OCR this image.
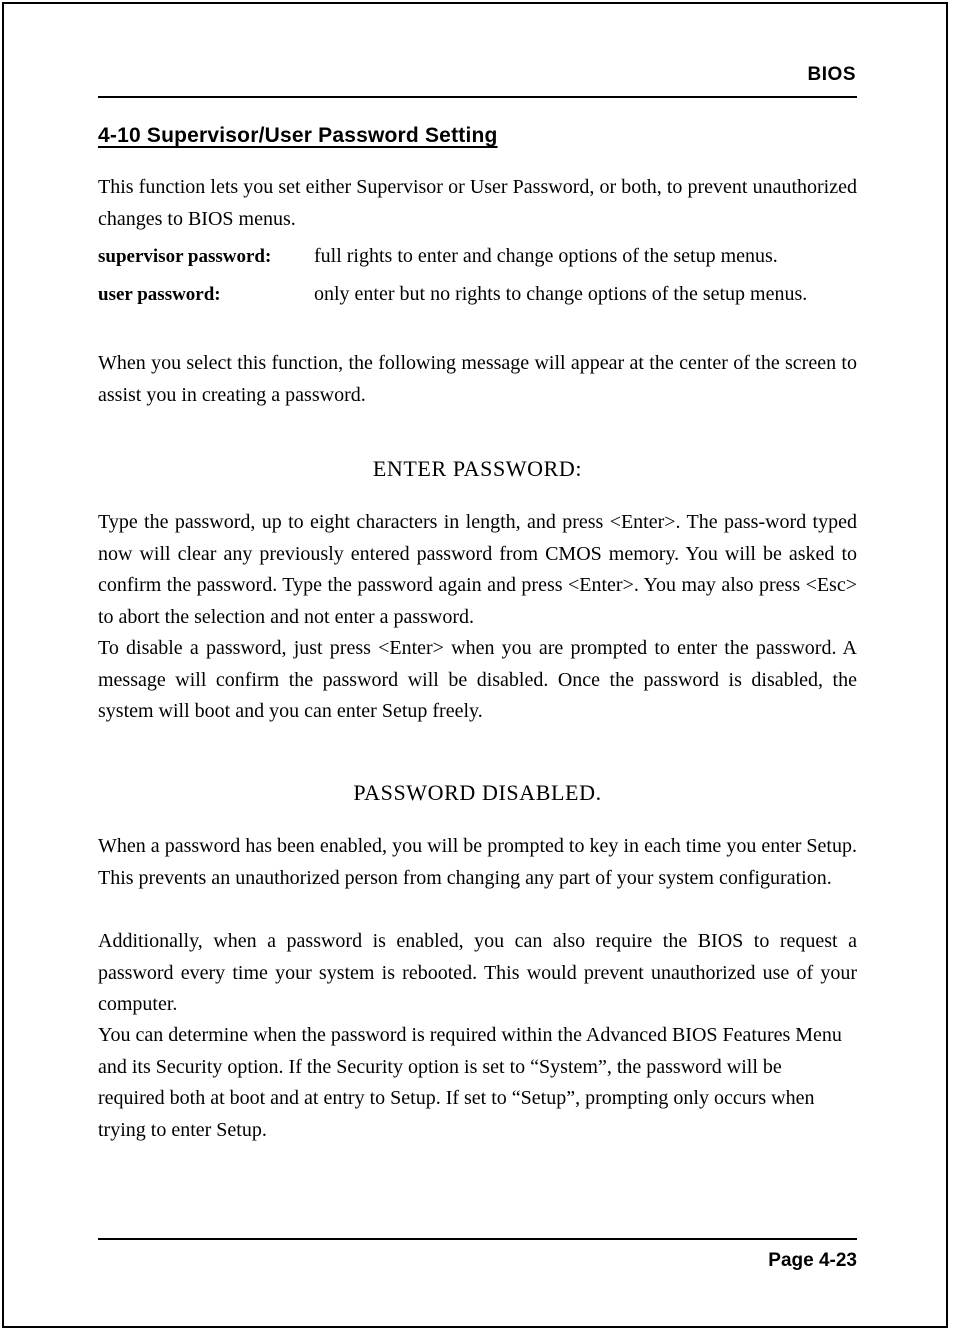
BIOS
4-10 Supervisor/User Password Setting
This function lets you set either Supervisor or User Password, or both, to prevent unauthorized changes to BIOS menus.
supervisor password: full rights to enter and change options of the setup menus.
user password:	only enter but no rights to change options of the setup menus.
When you select this function, the following message will appear at the center of the screen to assist you in creating a password.
ENTER PASSWORD:
Type the password, up to eight characters in length, and press <Enter>. The pass-word typed now will clear any previously entered password from CMOS memory. You will be asked to confirm the password. Type the password again and press <Enter>. You may also press <Esc> to abort the selection and not enter a password.
To disable a password, just press <Enter> when you are prompted to enter the password. A message will confirm the password will be disabled. Once the password is disabled, the system will boot and you can enter Setup freely.
PASSWORD DISABLED.
When a password has been enabled, you will be prompted to key in each time you enter Setup. This prevents an unauthorized person from changing any part of your system configuration.
Additionally, when a password is enabled, you can also require the BIOS to request a password every time your system is rebooted. This would prevent unauthorized use of your computer.
You can determine when the password is required within the Advanced BIOS Features Menu and its Security option. If the Security option is set to “System”, the password will be required both at boot and at entry to Setup. If set to “Setup”, prompting only occurs when trying to enter Setup.
Page 4-23
